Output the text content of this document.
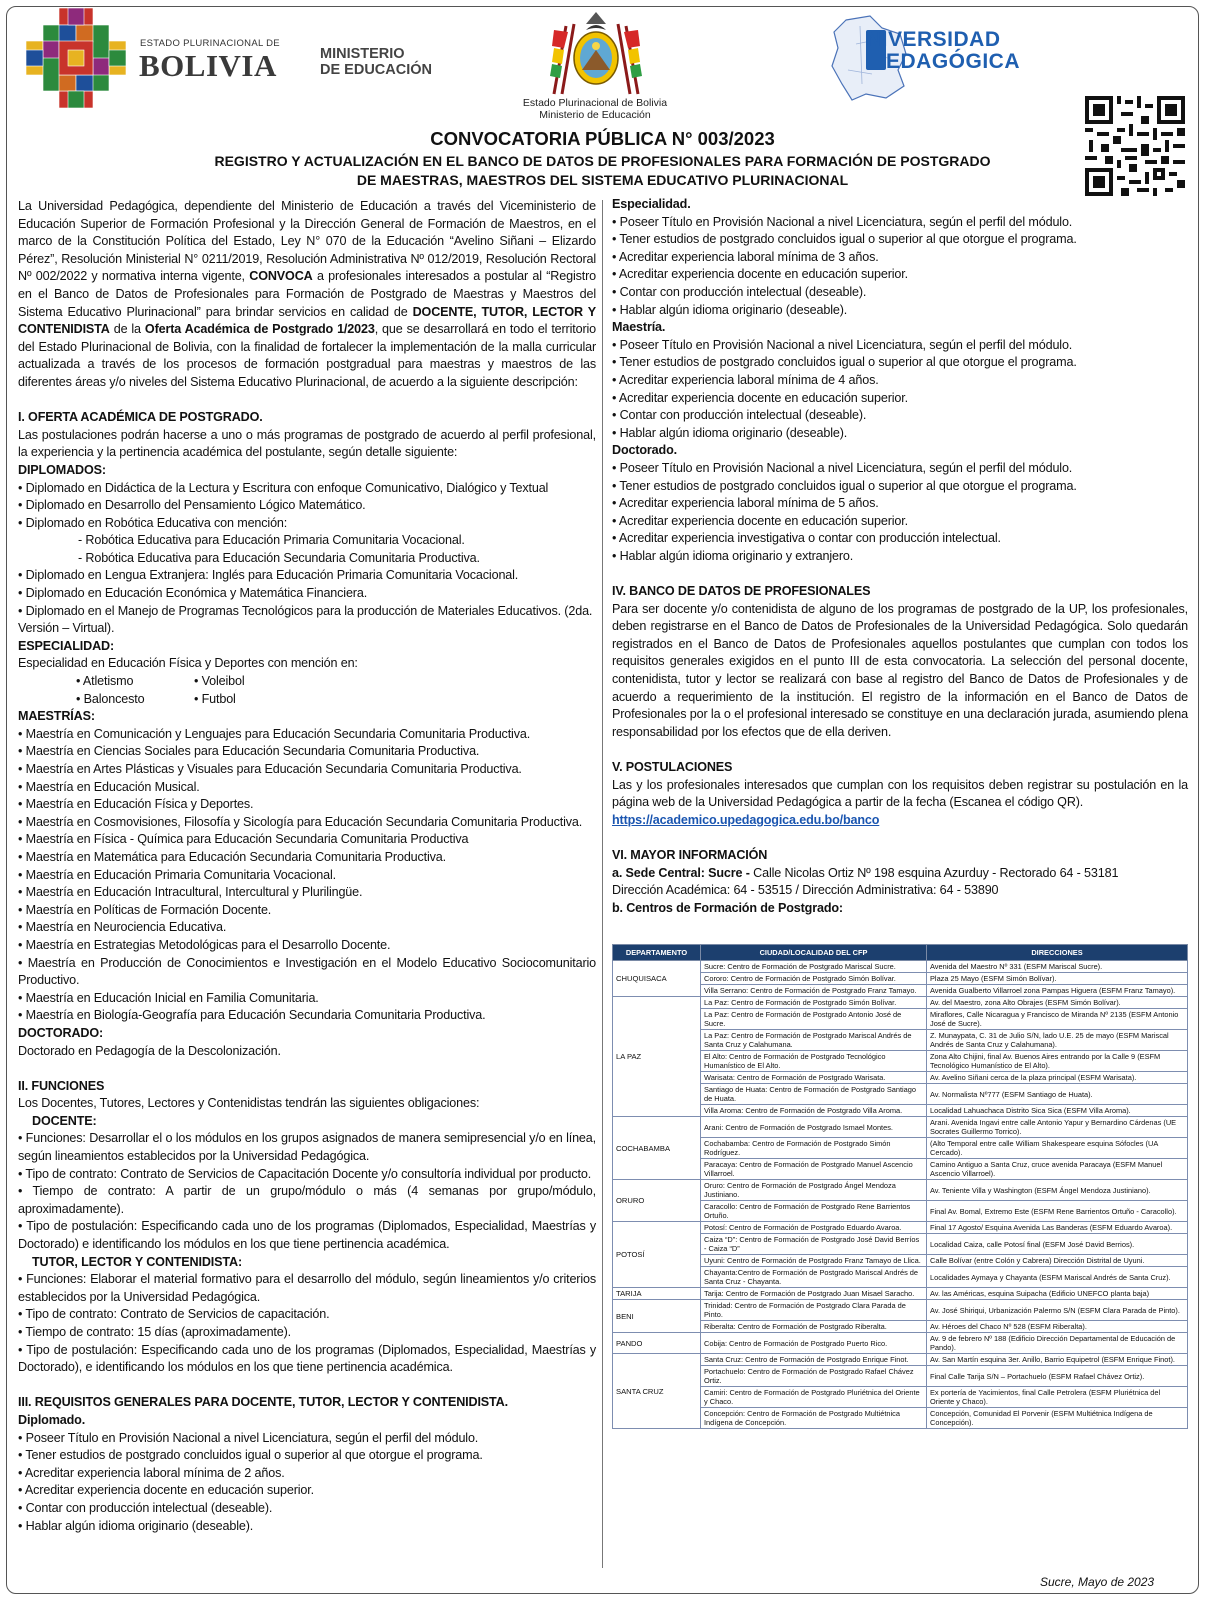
ESTADO PLURINACIONAL DE
BOLIVIA	MINISTERIO
DE EDUCACIÓN
Estado Plurinacional de Bolivia
Ministerio de Educación
NIVERSIDAD
EDAGÓGICA
CONVOCATORIA PÚBLICA N° 003/2023
REGISTRO Y ACTUALIZACIÓN EN EL BANCO DE DATOS DE PROFESIONALES PARA FORMACIÓN DE POSTGRADO
DE MAESTRAS, MAESTROS DEL SISTEMA EDUCATIVO PLURINACIONAL

La Universidad Pedagógica, dependiente del Ministerio de Educación a través del Viceministerio de Educación Superior de Formación Profesional y la Dirección General de Formación de Maestros, en el marco de la Constitución Política del Estado, Ley N° 070 de la Educación “Avelino Siñani – Elizardo Pérez”, Resolución Ministerial N° 0211/2019, Resolución Administrativa Nº 012/2019, Resolución Rectoral Nº 002/2022 y normativa interna vigente, CONVOCA a profesionales interesados a postular al “Registro en el Banco de Datos de Profesionales para Formación de Postgrado de Maestras y Maestros del Sistema Educativo Plurinacional” para brindar servicios en calidad de DOCENTE, TUTOR, LECTOR Y CONTENIDISTA de la Oferta Académica de Postgrado 1/2023, que se desarrollará en todo el territorio del Estado Plurinacional de Bolivia, con la finalidad de fortalecer la implementación de la malla curricular actualizada a través de los procesos de formación postgradual para maestras y maestros de las diferentes áreas y/o niveles del Sistema Educativo Plurinacional, de acuerdo a la siguiente descripción:

I. OFERTA ACADÉMICA DE POSTGRADO.

Las postulaciones podrán hacerse a uno o más programas de postgrado de acuerdo al perfil profesional, la experiencia y la pertinencia académica del postulante, según detalle siguiente:

DIPLOMADOS:
• Diplomado en Didáctica de la Lectura y Escritura con enfoque Comunicativo, Dialógico y Textual
• Diplomado en Desarrollo del Pensamiento Lógico Matemático.
• Diplomado en Robótica Educativa con mención:
- Robótica Educativa para Educación Primaria Comunitaria Vocacional.
- Robótica Educativa para Educación Secundaria Comunitaria Productiva.
• Diplomado en Lengua Extranjera: Inglés para Educación Primaria Comunitaria Vocacional.
• Diplomado en Educación Económica y Matemática Financiera.
• Diplomado en el Manejo de Programas Tecnológicos para la producción de Materiales Educativos. (2da. Versión – Virtual).
ESPECIALIDAD:
Especialidad en Educación Física y Deportes con mención en:
• Atletismo	• Voleibol
• Baloncesto	• Futbol
MAESTRÍAS:
• Maestría en Comunicación y Lenguajes para Educación Secundaria Comunitaria Productiva.
• Maestría en Ciencias Sociales para Educación Secundaria Comunitaria Productiva.
• Maestría en Artes Plásticas y Visuales para Educación Secundaria Comunitaria Productiva.
• Maestría en Educación Musical.
• Maestría en Educación Física y Deportes.
• Maestría en Cosmovisiones, Filosofía y Sicología para Educación Secundaria Comunitaria Productiva.
• Maestría en Física - Química para Educación Secundaria Comunitaria Productiva
• Maestría en Matemática para Educación Secundaria Comunitaria Productiva.
• Maestría en Educación Primaria Comunitaria Vocacional.
• Maestría en Educación Intracultural, Intercultural y Plurilingüe.
• Maestría en Políticas de Formación Docente.
• Maestría en Neurociencia Educativa.
• Maestría en Estrategias Metodológicas para el Desarrollo Docente.
• Maestría en Producción de Conocimientos e Investigación en el Modelo Educativo Sociocomunitario Productivo.
• Maestría en Educación Inicial en Familia Comunitaria.
• Maestría en Biología-Geografía para Educación Secundaria Comunitaria Productiva.
DOCTORADO:
Doctorado en Pedagogía de la Descolonización.
II. FUNCIONES
Los Docentes, Tutores, Lectores y Contenidistas tendrán las siguientes obligaciones:
DOCENTE:

• Funciones: Desarrollar el o los módulos en los grupos asignados de manera semipresencial y/o en línea, según lineamientos establecidos por la Universidad Pedagógica.

• Tipo de contrato: Contrato de Servicios de Capacitación Docente y/o consultoría individual por producto.

• Tiempo de contrato: A partir de un grupo/módulo o más (4 semanas por grupo/módulo, aproximadamente).

• Tipo de postulación: Especificando cada uno de los programas (Diplomados, Especialidad, Maestrías y Doctorado) e identificando los módulos en los que tiene pertinencia académica.

TUTOR, LECTOR Y CONTENIDISTA:

• Funciones: Elaborar el material formativo para el desarrollo del módulo, según lineamientos y/o criterios establecidos por la Universidad Pedagógica.

• Tipo de contrato: Contrato de Servicios de capacitación.

• Tiempo de contrato: 15 días (aproximadamente).

• Tipo de postulación: Especificando cada uno de los programas (Diplomados, Especialidad, Maestrías y Doctorado), e identificando los módulos en los que tiene pertinencia académica.

III. REQUISITOS GENERALES PARA DOCENTE, TUTOR, LECTOR Y CONTENIDISTA.
Diplomado.
• Poseer Título en Provisión Nacional a nivel Licenciatura, según el perfil del módulo.
• Tener estudios de postgrado concluidos igual o superior al que otorgue el programa.
• Acreditar experiencia laboral mínima de 2 años.
• Acreditar experiencia docente en educación superior.
• Contar con producción intelectual (deseable).
• Hablar algún idioma originario (deseable).
Especialidad.
• Poseer Título en Provisión Nacional a nivel Licenciatura, según el perfil del módulo.
• Tener estudios de postgrado concluidos igual o superior al que otorgue el programa.
• Acreditar experiencia laboral mínima de 3 años.
• Acreditar experiencia docente en educación superior.
• Contar con producción intelectual (deseable).
• Hablar algún idioma originario (deseable).
Maestría.
• Poseer Título en Provisión Nacional a nivel Licenciatura, según el perfil del módulo.
• Tener estudios de postgrado concluidos igual o superior al que otorgue el programa.
• Acreditar experiencia laboral mínima de 4 años.
• Acreditar experiencia docente en educación superior.
• Contar con producción intelectual (deseable).
• Hablar algún idioma originario (deseable).
Doctorado.
• Poseer Título en Provisión Nacional a nivel Licenciatura, según el perfil del módulo.
• Tener estudios de postgrado concluidos igual o superior al que otorgue el programa.
• Acreditar experiencia laboral mínima de 5 años.
• Acreditar experiencia docente en educación superior.
• Acreditar experiencia investigativa o contar con producción intelectual.
• Hablar algún idioma originario y extranjero.
IV. BANCO DE DATOS DE PROFESIONALES

Para ser docente y/o contenidista de alguno de los programas de postgrado de la UP, los profesionales, deben registrarse en el Banco de Datos de Profesionales de la Universidad Pedagógica. Solo quedarán registrados en el Banco de Datos de Profesionales aquellos postulantes que cumplan con todos los requisitos generales exigidos en el punto III de esta convocatoria. La selección del personal docente, contenidista, tutor y lector se realizará con base al registro del Banco de Datos de Profesionales y de acuerdo a requerimiento de la institución. El registro de la información en el Banco de Datos de Profesionales por la o el profesional interesado se constituye en una declaración jurada, asumiendo plena responsabilidad por los efectos que de ella deriven.

V. POSTULACIONES

Las y los profesionales interesados que cumplan con los requisitos deben registrar su postulación en la página web de la Universidad Pedagógica a partir de la fecha (Escanea el código QR).

https://academico.upedagogica.edu.bo/banco
VI. MAYOR INFORMACIÓN
a. Sede Central: Sucre - Calle Nicolas Ortiz Nº 198 esquina Azurduy - Rectorado 64 - 53181
Dirección Académica: 64 - 53515 / Dirección Administrativa: 64 - 53890
b. Centros de Formación de Postgrado:
DEPARTAMENTO	CIUDAD/LOCALIDAD DEL CFP	DIRECCIONES
CHUQUISACA	Sucre: Centro de Formación de Postgrado Mariscal Sucre.	Avenida del Maestro Nº 331 (ESFM Mariscal Sucre).
	Cororo: Centro de Formación de Postgrado Simón Bolívar.	Plaza 25 Mayo (ESFM Simón Bolívar).
	Villa Serrano: Centro de Formación de Postgrado Franz Tamayo.	Avenida Gualberto Villarroel zona Pampas Higuera (ESFM Franz Tamayo).
LA PAZ	La Paz: Centro de Formación de Postgrado Simón Bolívar.	Av. del Maestro, zona Alto Obrajes (ESFM Simón Bolívar).
	La Paz: Centro de Formación de Postgrado Antonio José de Sucre.	Miraflores, Calle Nicaragua y Francisco de Miranda Nº 2135 (ESFM Antonio José de Sucre).
	La Paz: Centro de Formación de Postgrado Mariscal Andrés de Santa Cruz y Calahumana.	Z. Munaypata, C. 31 de Julio S/N, lado U.E. 25 de mayo (ESFM Mariscal Andrés de Santa Cruz y Calahumana).
	El Alto: Centro de Formación de Postgrado Tecnológico Humanístico de El Alto.	Zona Alto Chijini, final Av. Buenos Aires entrando por la Calle 9 (ESFM Tecnológico Humanístico de El Alto).
	Warisata: Centro de Formación de Postgrado Warisata.	Av. Avelino Siñani cerca de la plaza principal (ESFM Warisata).
	Santiago de Huata: Centro de Formación de Postgrado Santiago de Huata.	Av. Normalista Nº777 (ESFM Santiago de Huata).
	Villa Aroma: Centro de Formación de Postgrado Villa Aroma.	Localidad Lahuachaca Distrito Sica Sica (ESFM Villa Aroma).
COCHABAMBA	Arani: Centro de Formación de Postgrado Ismael Montes.	Arani. Avenida Ingavi entre calle Antonio Yapur y Bernardino Cárdenas (UE Socrates Guillermo Torrico).
	Cochabamba: Centro de Formación de Postgrado Simón Rodríguez.	(Alto Temporal entre calle William Shakespeare esquina Sófocles (UA Cercado).
	Paracaya: Centro de Formación de Postgrado Manuel Ascencio Villarroel.	Camino Antiguo a Santa Cruz, cruce avenida Paracaya (ESFM Manuel Ascencio Villarroel).
ORURO	Oruro: Centro de Formación de Postgrado Ángel Mendoza Justiniano.	Av. Teniente Villa y Washington (ESFM Ángel Mendoza Justiniano).
	Caracollo: Centro de Formación de Postgrado Rene Barrientos Ortuño.	Final Av. Bomal, Extremo Este (ESFM Rene Barrientos Ortuño - Caracollo).
POTOSÍ	Potosí: Centro de Formación de Postgrado Eduardo Avaroa.	Final 17 Agosto/ Esquina Avenida Las Banderas (ESFM Eduardo Avaroa).
	Caiza “D”: Centro de Formación de Postgrado José David Berríos - Caiza “D”	Localidad Caiza, calle Potosí final (ESFM José David Berrios).
	Uyuni: Centro de Formación de Postgrado Franz Tamayo de Llica.	Calle Bolívar (entre Colón y Cabrera) Dirección Distrital de Uyuni.
	Chayanta:Centro de Formación de Postgrado Mariscal Andrés de Santa Cruz - Chayanta.	Localidades Aymaya y Chayanta (ESFM Mariscal Andrés de Santa Cruz).
TARIJA	Tarija: Centro de Formación de Postgrado Juan Misael Saracho.	Av. las Américas, esquina Suipacha (Edificio UNEFCO planta baja)
BENI	Trinidad: Centro de Formación de Postgrado Clara Parada de Pinto.	Av. José Shiriqui, Urbanización Palermo S/N (ESFM Clara Parada de Pinto).
	Riberalta: Centro de Formación de Postgrado Riberalta.	Av. Héroes del Chaco Nº 528 (ESFM Riberalta).
PANDO	Cobija: Centro de Formación de Postgrado Puerto Rico.	Av. 9 de febrero Nº 188 (Edificio Dirección Departamental de Educación de Pando).
SANTA CRUZ	Santa Cruz: Centro de Formación de Postgrado Enrique Finot.	Av. San Martín esquina 3er. Anillo, Barrio Equipetrol (ESFM Enrique Finot).
	Portachuelo: Centro de Formación de Postgrado Rafael Chávez Ortiz.	Final Calle Tarija S/N – Portachuelo (ESFM Rafael Chávez Ortiz).
	Camiri: Centro de Formación de Postgrado Pluriétnica del Oriente y Chaco.	Ex portería de Yacimientos, final Calle Petrolera (ESFM Pluriétnica del Oriente y Chaco).
	Concepción: Centro de Formación de Postgrado Multiétnica Indígena de Concepción.	Concepción, Comunidad El Porvenir (ESFM Multiétnica Indígena de Concepción).
Sucre, Mayo de 2023
